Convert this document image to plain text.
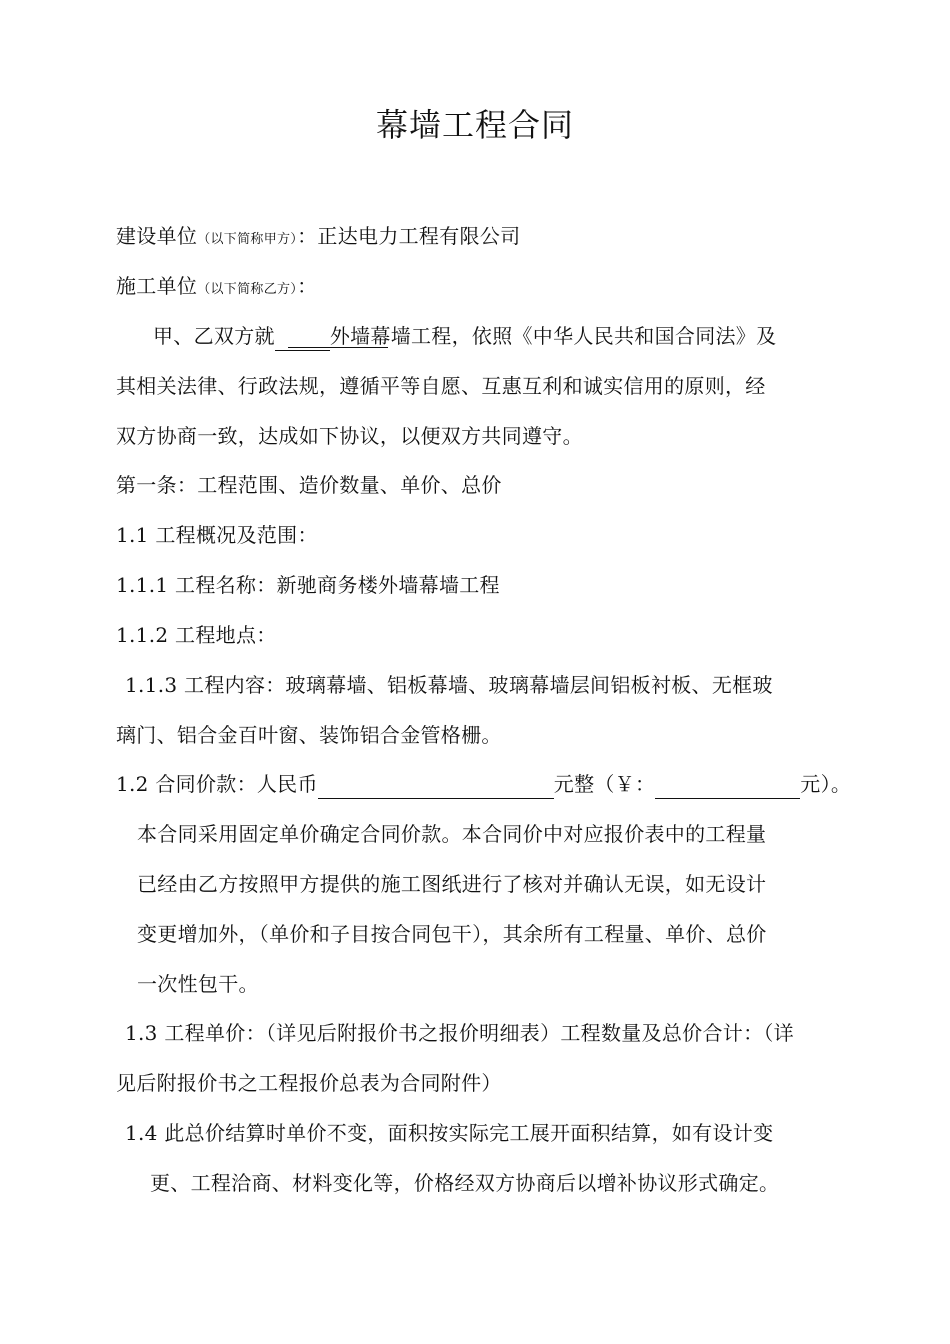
幕墙工程合同
建设单位（以下简称甲方）：正达电力工程有限公司
施工单位（以下简称乙方）：
甲、乙双方就	外墙幕墙工程，依照《中华人民共和国合同法》及
其相关法律、行政法规，遵循平等自愿、互惠互利和诚实信用的原则，经
双方协商一致，达成如下协议，以便双方共同遵守。
第一条：工程范围、造价数量、单价、总价
1.1 工程概况及范围：
1.1.1 工程名称：新驰商务楼外墙幕墙工程
1.1.2 工程地点：
1.1.3 工程内容：玻璃幕墙、铝板幕墙、玻璃幕墙层间铝板衬板、无框玻
璃门、铝合金百叶窗、装饰铝合金管格栅。
1.2 合同价款：人民币	元整（￥：	元）。
本合同采用固定单价确定合同价款。本合同价中对应报价表中的工程量
已经由乙方按照甲方提供的施工图纸进行了核对并确认无误，如无设计
变更增加外，（单价和子目按合同包干），其余所有工程量、单价、总价
一次性包干。
1.3 工程单价：（详见后附报价书之报价明细表）工程数量及总价合计：（详
见后附报价书之工程报价总表为合同附件）
1.4 此总价结算时单价不变，面积按实际完工展开面积结算，如有设计变
更、工程洽商、材料变化等，价格经双方协商后以增补协议形式确定。
